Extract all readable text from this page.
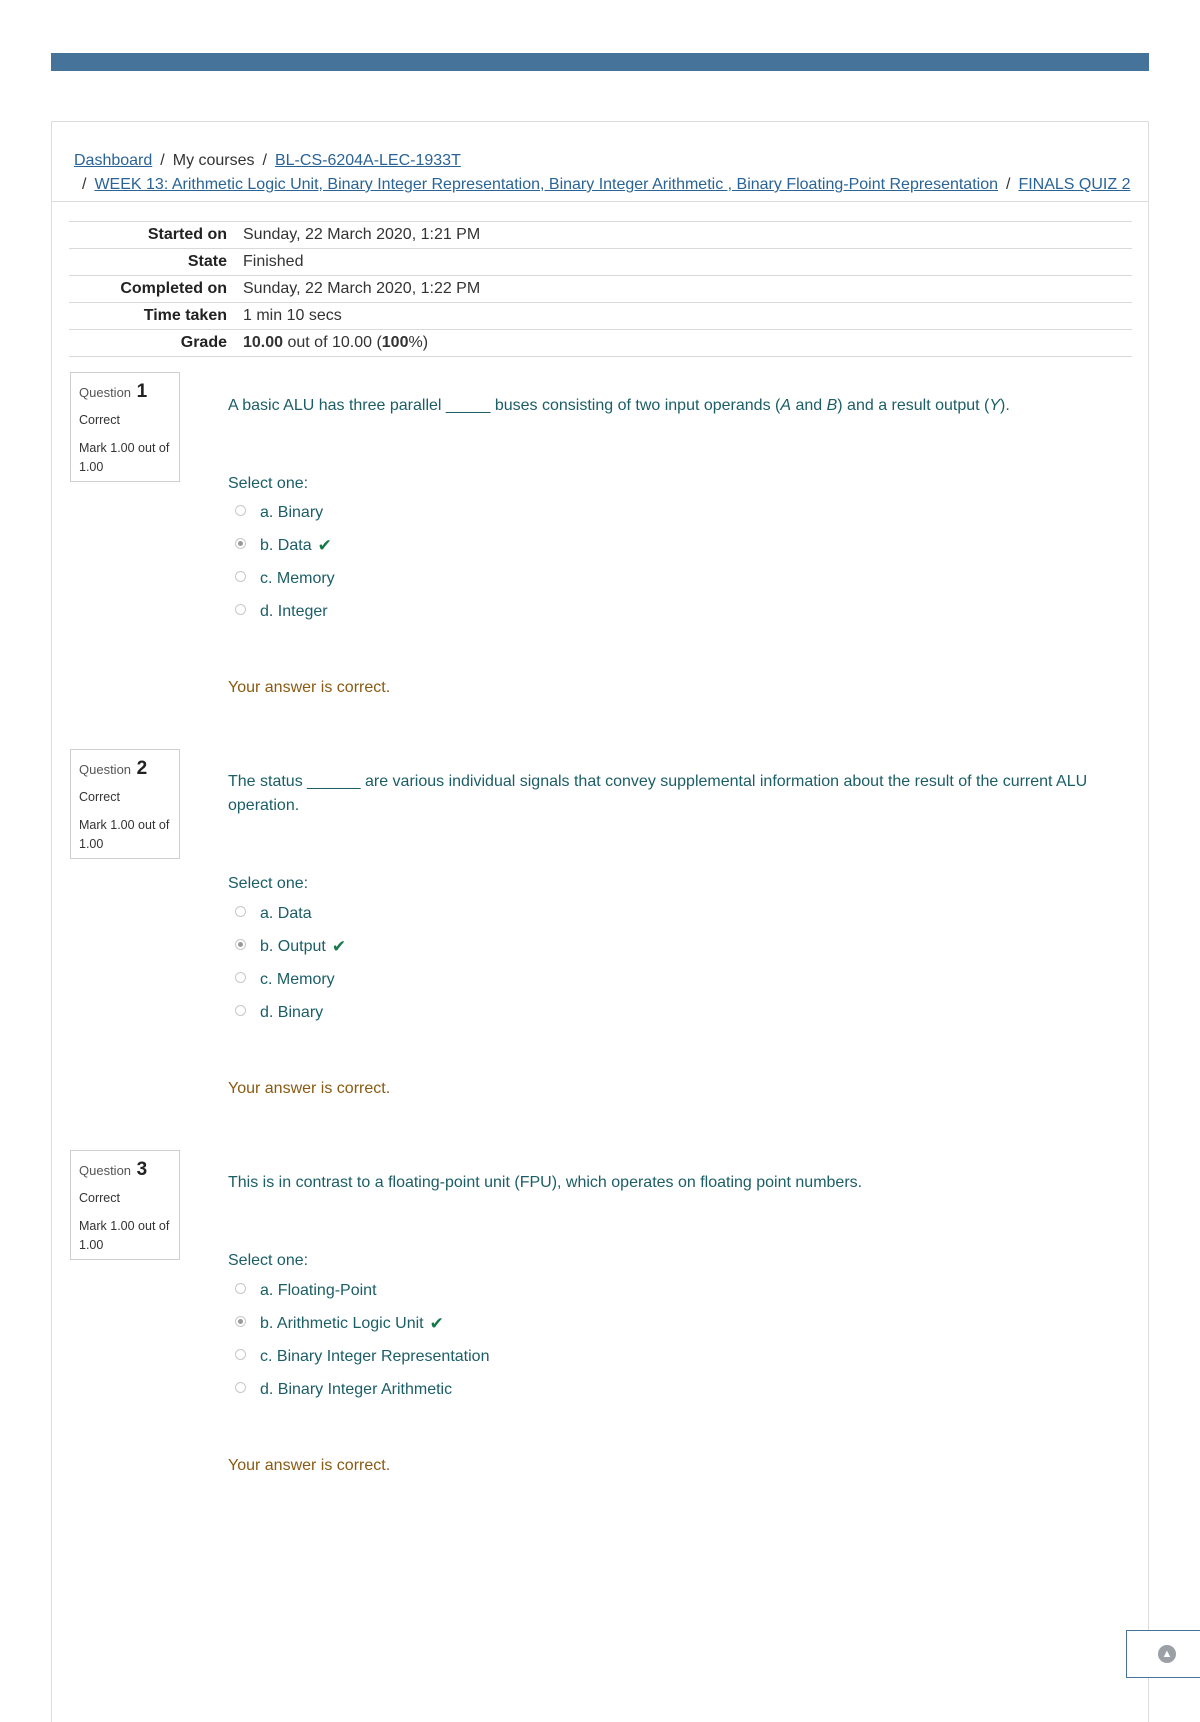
Dashboard / My courses / BL-CS-6204A-LEC-1933T
/ WEEK 13: Arithmetic Logic Unit, Binary Integer Representation, Binary Integer Arithmetic , Binary Floating-Point Representation / FINALS QUIZ 2
Started on	Sunday, 22 March 2020, 1:21 PM
State	Finished
Completed on	Sunday, 22 March 2020, 1:22 PM
Time taken	1 min 10 secs
Grade	10.00 out of 10.00 (100%)
Question 1
Correct
Mark 1.00 out of 1.00
A basic ALU has three parallel _____ buses consisting of two input operands (A and B) and a result output (Y).
Select one:
a. Binary
b. Data ✔
c. Memory
d. Integer
Your answer is correct.
Question 2
Correct
Mark 1.00 out of 1.00
The status ______ are various individual signals that convey supplemental information about the result of the current ALU operation.
Select one:
a. Data
b. Output ✔
c. Memory
d. Binary
Your answer is correct.
Question 3
Correct
Mark 1.00 out of 1.00
This is in contrast to a floating-point unit (FPU), which operates on floating point numbers.
Select one:
a. Floating-Point
b. Arithmetic Logic Unit ✔
c. Binary Integer Representation
d. Binary Integer Arithmetic
Your answer is correct.
▲
